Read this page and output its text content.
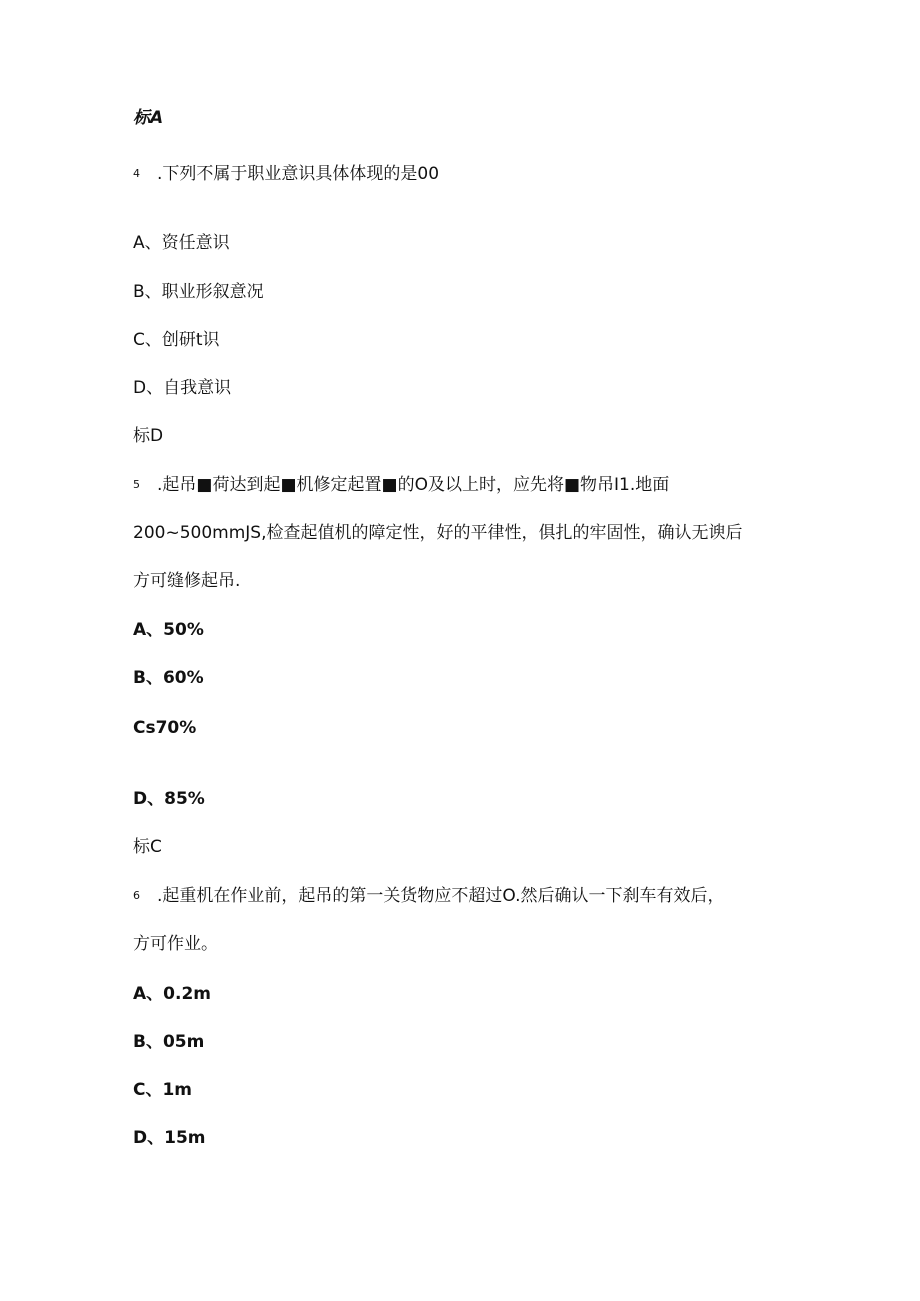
标A
4 .下列不属于职业意识具体体现的是00
A、资任意识
B、职业形叙意况
C、创研t识
D、自我意识
标D
5 .起吊■荷达到起■机修定起置■的O及以上时，应先将■物吊I1.地面
200~500mmJS,检查起值机的障定性，好的平律性，俱扎的牢固性，确认无谀后
方可缝修起吊.
A、50%
B、60%
Cs70%
D、85%
标C
6 .起重机在作业前，起吊的第一关货物应不超过O.然后确认一下刹车有效后，
方可作业。
A、0.2m
B、05m
C、1m
D、15m
